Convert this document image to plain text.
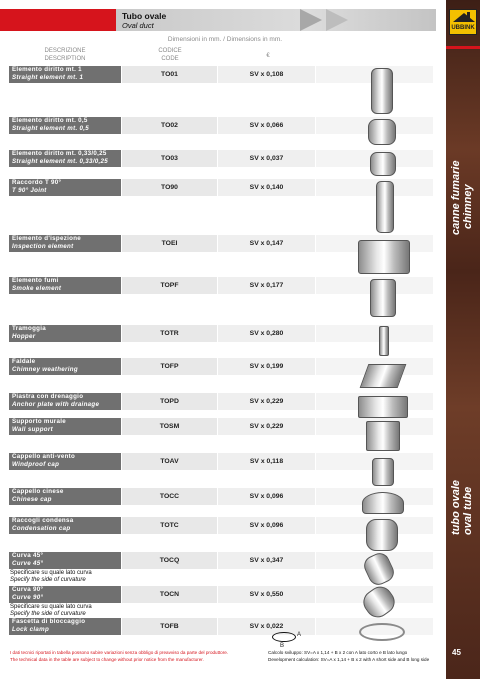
Tubo ovale
Oval duct	UBBINK
canne fumarie chimney
tubo ovale oval tube
Dimensioni in mm. / Dimensions in mm.
DESCRIZIONE
DESCRIPTION
CODICE
CODE	€
Elemento diritto mt. 1
Straight element mt. 1	TO01	SV x 0,108
Elemento diritto mt. 0,5
Straight element mt. 0,5	TO02	SV x 0,066
Elemento diritto mt. 0,33/0,25
Straight element mt. 0,33/0,25	TO03	SV x 0,037
Raccordo T 90°
T 90° Joint	TO90	SV x 0,140
Elemento d'ispezione
Inspection element	TOEI	SV x 0,147
Elemento fumi
Smoke element	TOPF	SV x 0,177
Tramoggia
Hopper	TOTR	SV x 0,280
Faldale
Chimney weathering	TOFP	SV x 0,199
Piastra con drenaggio
Anchor plate with drainage	TOPD	SV x 0,229
Supporto murale
Wall support	TOSM	SV x 0,229
Cappello anti-vento
Windproof cap	TOAV	SV x 0,118
Cappello cinese
Chinese cap	TOCC	SV x 0,096
Raccogli condensa
Condensation cap	TOTC	SV x 0,096
Curva 45°
Curve 45°	TOCQ	SV x 0,347
Specificare su quale lato curva
Specify the side of curvature
Curva 90°
Curve 90°	TOCN	SV x 0,550
Specificare su quale lato curva
Specify the side of curvature
Fascetta di bloccaggio
Lock clamp	TOFB	SV x 0,022
A
B
I dati tecnici riportati in tabella possono subire variazioni senza obbligo di preavviso da parte del produttore.
The technical data in the table are subject to change without prior notice from the manufacturer.
Calcolo sviluppo: SV=A x 1,14 + B x 2 con A lato corto e B lato lungo
Development calculation: SV=A x 1,14 + B x 2 with A short side and B long side
45
